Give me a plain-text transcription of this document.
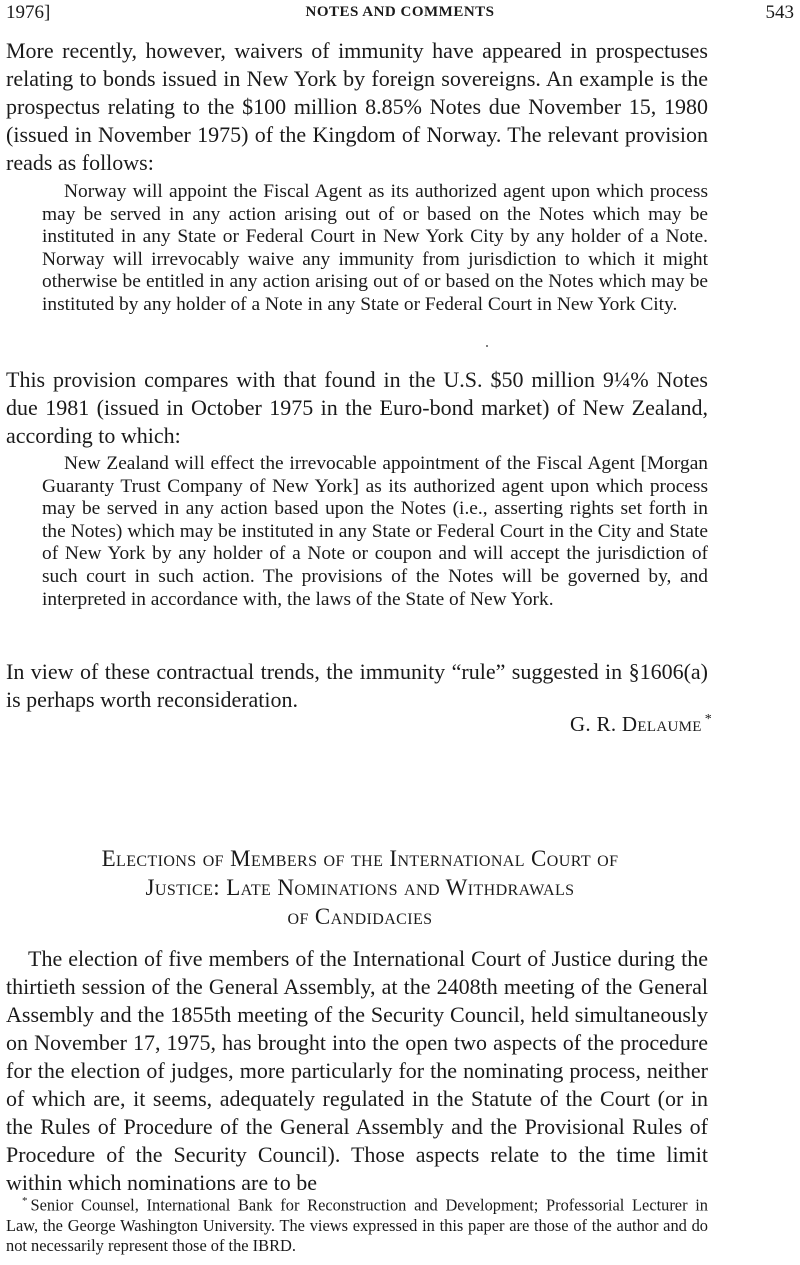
1976]	NOTES AND COMMENTS	543

More recently, however, waivers of immunity have appeared in prospectuses relating to bonds issued in New York by foreign sovereigns. An example is the prospectus relating to the $100 million 8.85% Notes due November 15, 1980 (issued in November 1975) of the Kingdom of Norway. The relevant provision reads as follows:

Norway will appoint the Fiscal Agent as its authorized agent upon which process may be served in any action arising out of or based on the Notes which may be instituted in any State or Federal Court in New York City by any holder of a Note. Norway will irrevocably waive any immunity from jurisdiction to which it might otherwise be entitled in any action arising out of or based on the Notes which may be instituted by any holder of a Note in any State or Federal Court in New York City.

This provision compares with that found in the U.S. $50 million 9¼% Notes due 1981 (issued in October 1975 in the Euro-bond market) of New Zealand, according to which:

New Zealand will effect the irrevocable appointment of the Fiscal Agent [Morgan Guaranty Trust Company of New York] as its authorized agent upon which process may be served in any action based upon the Notes (i.e., asserting rights set forth in the Notes) which may be instituted in any State or Federal Court in the City and State of New York by any holder of a Note or coupon and will accept the jurisdiction of such court in such action. The provisions of the Notes will be governed by, and interpreted in accordance with, the laws of the State of New York.

In view of these contractual trends, the immunity “rule” suggested in §1606(a) is perhaps worth reconsideration.

G. R. Delaume *
Elections of Members of the International Court of
Justice: Late Nominations and Withdrawals
of Candidacies

The election of five members of the International Court of Justice during the thirtieth session of the General Assembly, at the 2408th meeting of the General Assembly and the 1855th meeting of the Security Council, held simultaneously on November 17, 1975, has brought into the open two aspects of the procedure for the election of judges, more particularly for the nominating process, neither of which are, it seems, adequately regulated in the Statute of the Court (or in the Rules of Procedure of the General Assembly and the Provisional Rules of Procedure of the Security Council). Those aspects relate to the time limit within which nominations are to be

* Senior Counsel, International Bank for Reconstruction and Development; Professorial Lecturer in Law, the George Washington University. The views expressed in this paper are those of the author and do not necessarily represent those of the IBRD.
